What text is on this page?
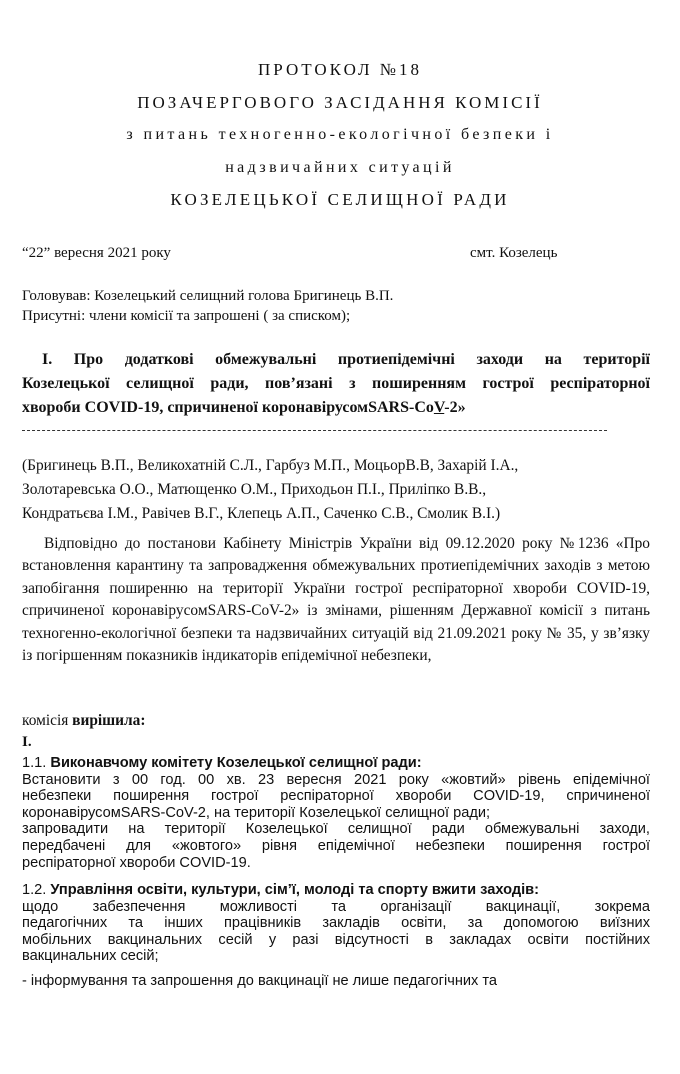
ПРОТОКОЛ №18
ПОЗАЧЕРГОВОГО ЗАСІДАННЯ КОМІСІЇ
з питань техногенно-екологічної безпеки і
надзвичайних ситуацій
КОЗЕЛЕЦЬКОЇ СЕЛИЩНОЇ РАДИ
“22” вересня 2021 року	смт. Козелець
Головував: Козелецький селищний голова Бригинець В.П.
Присутні: члени комісії та запрошені ( за списком);
I. Про додаткові обмежувальні протиепідемічні заходи на території
Козелецької селищної ради, пов’язані з поширенням гострої респіраторної
хвороби COVID-19, спричиненої коронавірусомSARS-CoV-2»
(Бригинець В.П., Великохатній С.Л., Гарбуз М.П., МоцьорВ.В, Захарій І.А.,
Золотаревська О.О., Матющенко О.М., Приходьон П.І., Приліпко В.В.,
Кондратьєва І.М., Равічев В.Г., Клепець А.П., Саченко С.В., Смолик В.І.)
Відповідно до постанови Кабінету Міністрів України від 09.12.2020 року №1236 «Про встановлення карантину та запровадження обмежувальних протиепідемічних заходів з метою запобігання поширенню на території України гострої респіраторної хвороби COVID-19, спричиненої коронавірусомSARS-CoV-2» із змінами, рішенням Державної комісії з питань техногенно-екологічної безпеки та надзвичайних ситуацій від 21.09.2021 року № 35, у зв’язку із погіршенням показників індикаторів епідемічної небезпеки,
комісія вирішила:
I.
1.1. Виконавчому комітету Козелецької селищної ради:
Встановити з 00 год. 00 хв. 23 вересня 2021 року «жовтий» рівень епідемічної
небезпеки поширення гострої респіраторної хвороби COVID-19, спричиненої
коронавірусомSARS-CoV-2, на території Козелецької селищної ради;
запровадити на території Козелецької селищної ради обмежувальні заходи,
передбачені для «жовтого» рівня епідемічної небезпеки поширення гострої
респіраторної хвороби COVID-19.
1.2. Управління освіти, культури, сім’ї, молоді та спорту вжити заходів:
щодо забезпечення можливості та організації вакцинації, зокрема
педагогічних та інших працівників закладів освіти, за допомогою виїзних
мобільних вакцинальних сесій у разі відсутності в закладах освіти постійних
вакцинальних сесій;
- інформування та запрошення до вакцинації не лише педагогічних та
